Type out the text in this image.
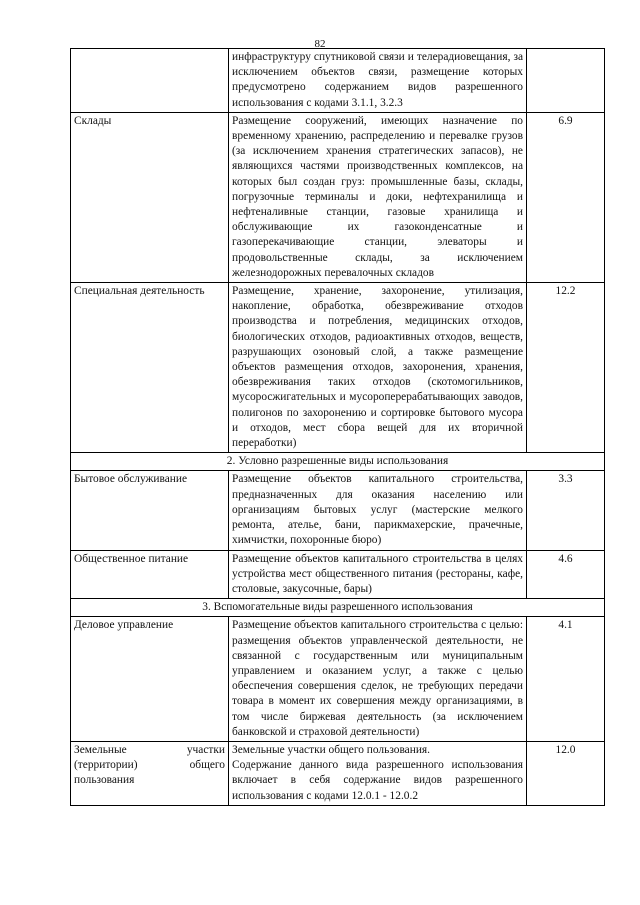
82
	инфраструктуру спутниковой связи и телерадиовещания, за исключением объектов связи, размещение которых предусмотрено содержанием видов разрешенного использования с кодами 3.1.1, 3.2.3	
Склады	Размещение сооружений, имеющих назначение по временному хранению, распределению и перевалке грузов (за исключением хранения стратегических запасов), не являющихся частями производственных комплексов, на которых был создан груз: промышленные базы, склады, погрузочные терминалы и доки, нефтехранилища и нефтеналивные станции, газовые хранилища и обслуживающие их газоконденсатные и газоперекачивающие станции, элеваторы и продовольственные склады, за исключением железнодорожных перевалочных складов	6.9
Специальная деятельность	Размещение, хранение, захоронение, утилизация, накопление, обработка, обезвреживание отходов производства и потребления, медицинских отходов, биологических отходов, радиоактивных отходов, веществ, разрушающих озоновый слой, а также размещение объектов размещения отходов, захоронения, хранения, обезвреживания таких отходов (скотомогильников, мусоросжигательных и мусороперерабатывающих заводов, полигонов по захоронению и сортировке бытового мусора и отходов, мест сбора вещей для их вторичной переработки)	12.2
2. Условно разрешенные виды использования		
Бытовое обслуживание	Размещение объектов капитального строительства, предназначенных для оказания населению или организациям бытовых услуг (мастерские мелкого ремонта, ателье, бани, парикмахерские, прачечные, химчистки, похоронные бюро)	3.3
Общественное питание	Размещение объектов капитального строительства в целях устройства мест общественного питания (рестораны, кафе, столовые, закусочные, бары)	4.6
3. Вспомогательные виды разрешенного использования		
Деловое управление	Размещение объектов капитального строительства с целью: размещения объектов управленческой деятельности, не связанной с государственным или муниципальным управлением и оказанием услуг, а также с целью обеспечения совершения сделок, не требующих передачи товара в момент их совершения между организациями, в том числе биржевая деятельность (за исключением банковской и страховой деятельности)	4.1
Земельные участки (территории) общего пользования	Земельные участки общего пользования.
Содержание данного вида разрешенного использования включает в себя содержание видов разрешенного использования с кодами 12.0.1 - 12.0.2	12.0
